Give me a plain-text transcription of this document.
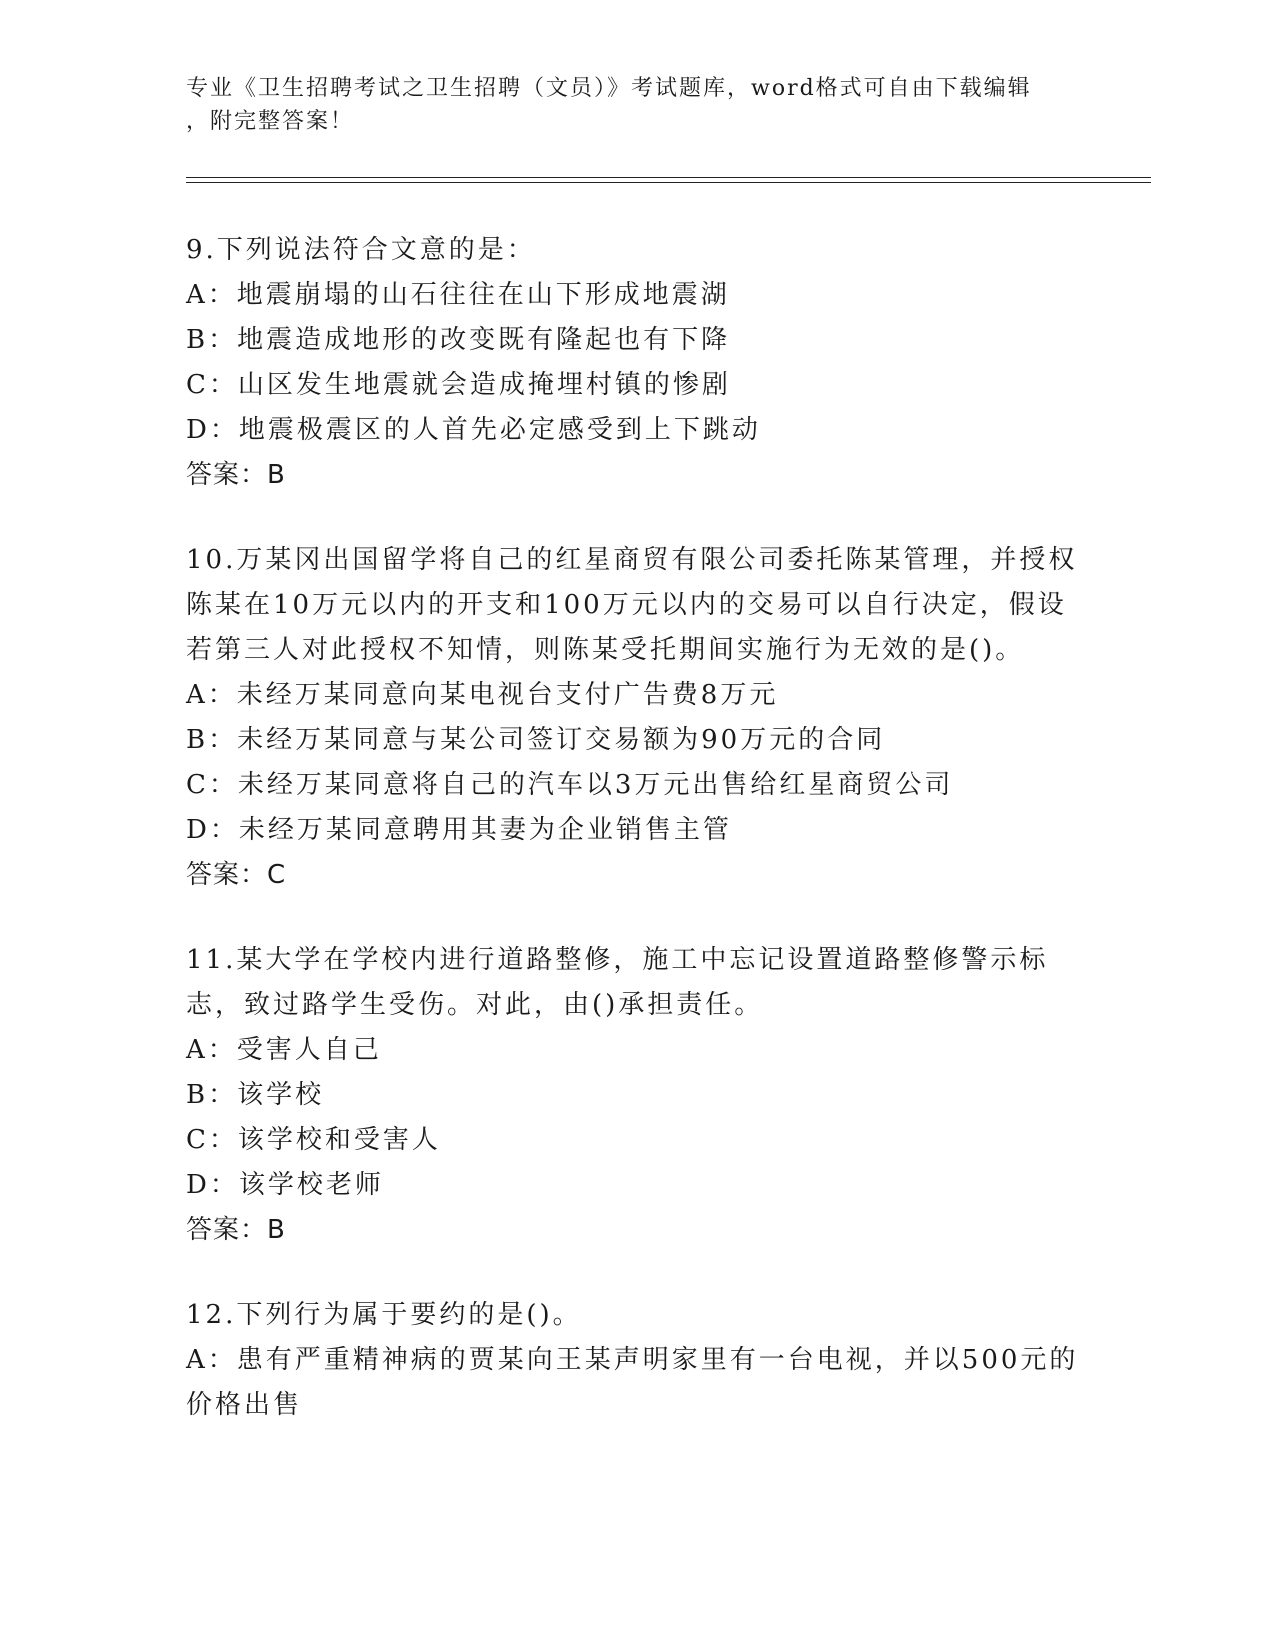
专业《卫生招聘考试之卫生招聘（文员）》考试题库，word格式可自由下载编辑
，附完整答案！

9.下列说法符合文意的是：

A：地震崩塌的山石往往在山下形成地震湖

B：地震造成地形的改变既有隆起也有下降

C：山区发生地震就会造成掩埋村镇的惨剧

D：地震极震区的人首先必定感受到上下跳动

答案：B

10.万某冈出国留学将自己的红星商贸有限公司委托陈某管理，并授权陈某在10万元以内的开支和100万元以内的交易可以自行决定，假设若第三人对此授权不知情，则陈某受托期间实施行为无效的是()。

A：未经万某同意向某电视台支付广告费8万元

B：未经万某同意与某公司签订交易额为90万元的合同

C：未经万某同意将自己的汽车以3万元出售给红星商贸公司

D：未经万某同意聘用其妻为企业销售主管

答案：C

11.某大学在学校内进行道路整修，施工中忘记设置道路整修警示标志，致过路学生受伤。对此，由()承担责任。

A：受害人自己

B：该学校

C：该学校和受害人

D：该学校老师

答案：B

12.下列行为属于要约的是()。

A：患有严重精神病的贾某向王某声明家里有一台电视，并以500元的价格出售
